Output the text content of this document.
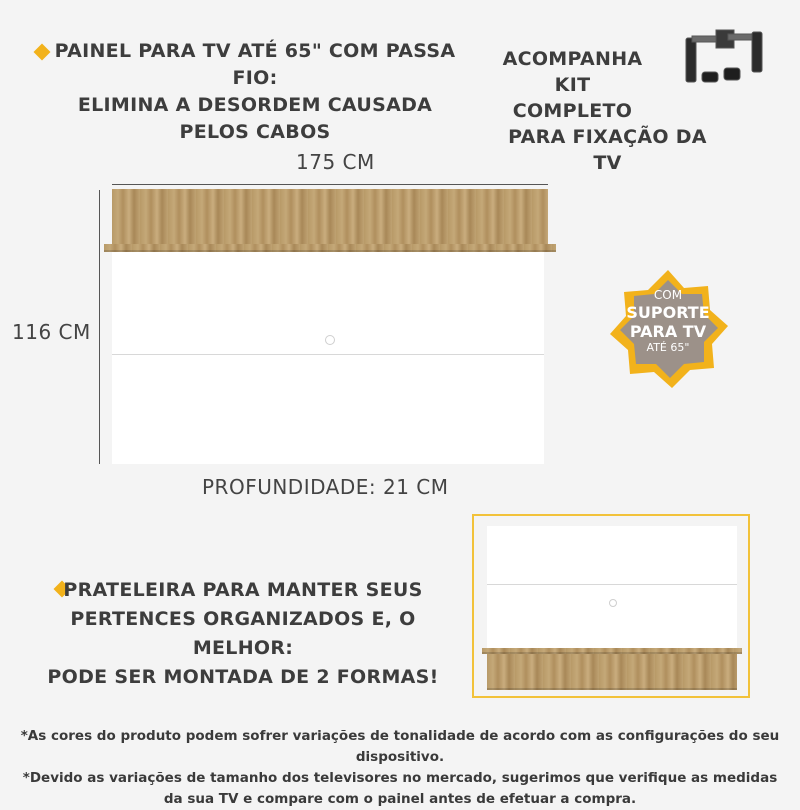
PAINEL PARA TV ATÉ 65" COM PASSA FIO:
ELIMINA A DESORDEM CAUSADA
PELOS CABOS
ACOMPANHA
KIT COMPLETO
PARA FIXAÇÃO DA TV
175 CM
116 CM
PROFUNDIDADE: 21 CM
COM
SUPORTE
PARA TV
ATÉ 65"
PRATELEIRA PARA MANTER SEUS
PERTENCES ORGANIZADOS E, O MELHOR:
PODE SER MONTADA DE 2 FORMAS!
*As cores do produto podem sofrer variações de tonalidade de acordo com as configurações do seu dispositivo.
*Devido as variações de tamanho dos televisores no mercado, sugerimos que verifique as medidas
da sua TV e compare com o painel antes de efetuar a compra.
